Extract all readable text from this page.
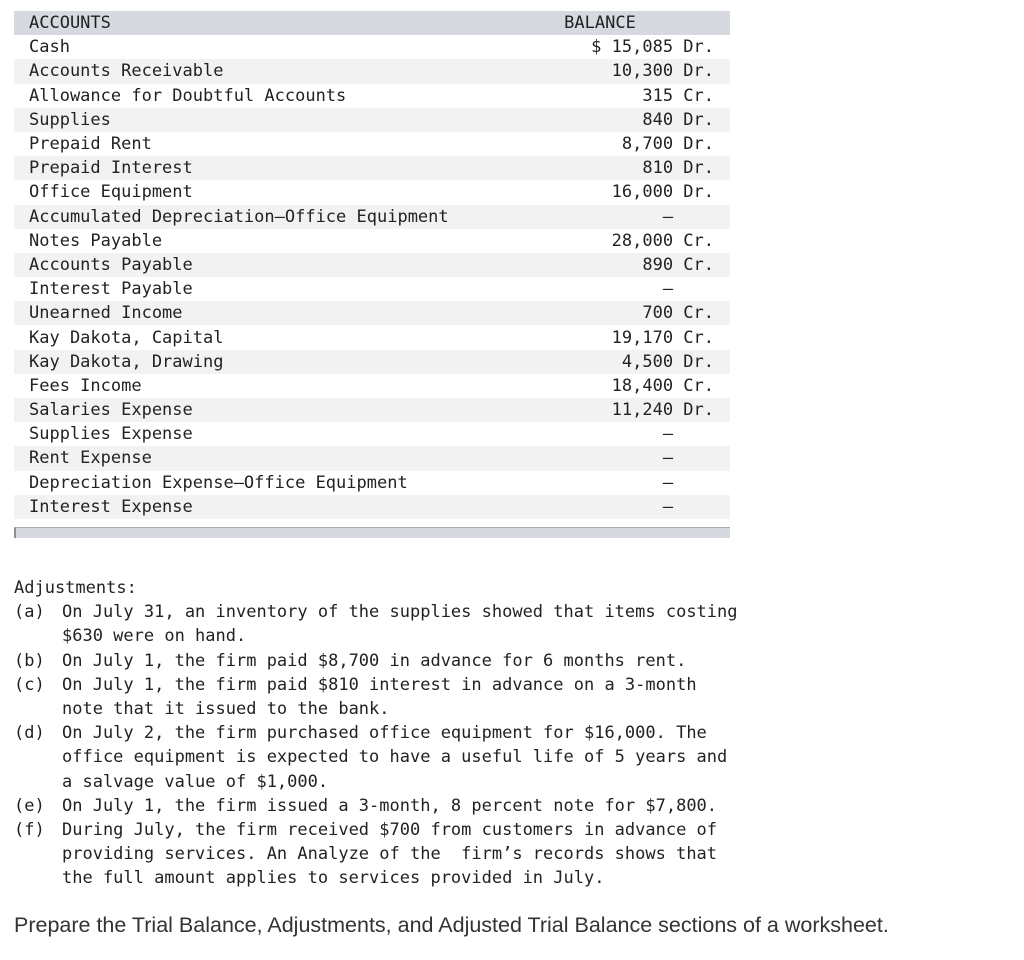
ACCOUNTS	BALANCE
Cash	$ 15,085 Dr.
Accounts Receivable	10,300 Dr.
Allowance for Doubtful Accounts	315 Cr.
Supplies	840 Dr.
Prepaid Rent	8,700 Dr.
Prepaid Interest	810 Dr.
Office Equipment	16,000 Dr.
Accumulated Depreciation–Office Equipment	–
Notes Payable	28,000 Cr.
Accounts Payable	890 Cr.
Interest Payable	–
Unearned Income	700 Cr.
Kay Dakota, Capital	19,170 Cr.
Kay Dakota, Drawing	4,500 Dr.
Fees Income	18,400 Cr.
Salaries Expense	11,240 Dr.
Supplies Expense	–
Rent Expense	–
Depreciation Expense–Office Equipment	–
Interest Expense	–
Adjustments:
(a)	On July 31, an inventory of the supplies showed that items costing
$630 were on hand.
(b)	On July 1, the firm paid $8,700 in advance for 6 months rent.
(c)	On July 1, the firm paid $810 interest in advance on a 3-month
note that it issued to the bank.
(d)	On July 2, the firm purchased office equipment for $16,000. The
office equipment is expected to have a useful life of 5 years and
a salvage value of $1,000.
(e)	On July 1, the firm issued a 3-month, 8 percent note for $7,800.
(f)	During July, the firm received $700 from customers in advance of
providing services. An Analyze of the  firm’s records shows that
the full amount applies to services provided in July.
Prepare the Trial Balance, Adjustments, and Adjusted Trial Balance sections of a worksheet.
